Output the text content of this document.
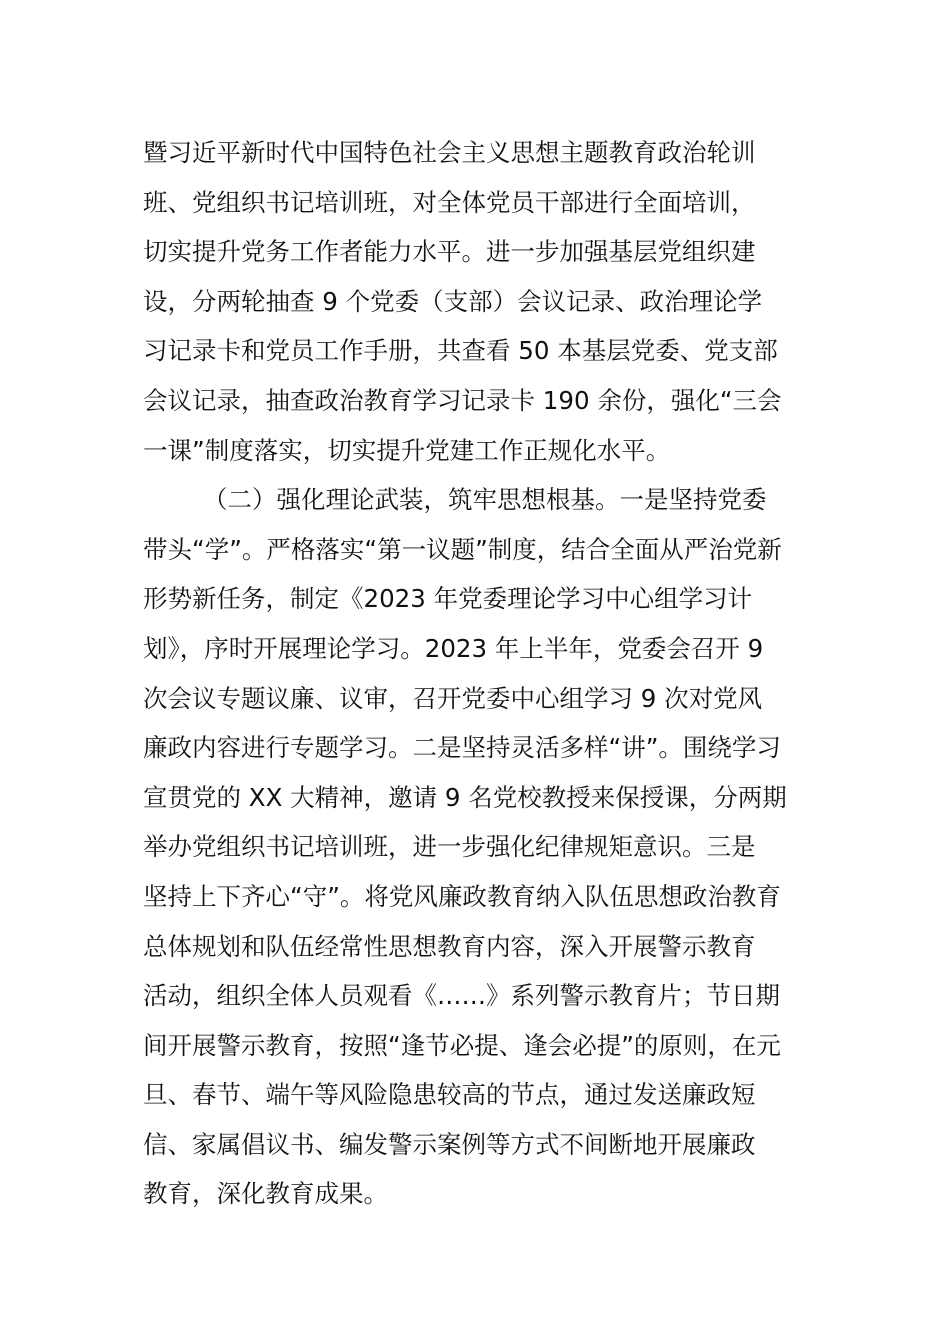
暨习近平新时代中国特色社会主义思想主题教育政治轮训
班、党组织书记培训班，对全体党员干部进行全面培训，
切实提升党务工作者能力水平。进一步加强基层党组织建
设，分两轮抽查 9 个党委（支部）会议记录、政治理论学
习记录卡和党员工作手册，共查看 50 本基层党委、党支部
会议记录，抽查政治教育学习记录卡 190 余份，强化“三会
一课”制度落实，切实提升党建工作正规化水平。
（二）强化理论武装，筑牢思想根基。一是坚持党委
带头“学”。严格落实“第一议题”制度，结合全面从严治党新
形势新任务，制定《2023 年党委理论学习中心组学习计
划》，序时开展理论学习。2023 年上半年，党委会召开 9
次会议专题议廉、议审，召开党委中心组学习 9 次对党风
廉政内容进行专题学习。二是坚持灵活多样“讲”。围绕学习
宣贯党的 XX 大精神，邀请 9 名党校教授来保授课，分两期
举办党组织书记培训班，进一步强化纪律规矩意识。三是
坚持上下齐心“守”。将党风廉政教育纳入队伍思想政治教育
总体规划和队伍经常性思想教育内容，深入开展警示教育
活动，组织全体人员观看《……》系列警示教育片；节日期
间开展警示教育，按照“逢节必提、逢会必提”的原则，在元
旦、春节、端午等风险隐患较高的节点，通过发送廉政短
信、家属倡议书、编发警示案例等方式不间断地开展廉政
教育，深化教育成果。
